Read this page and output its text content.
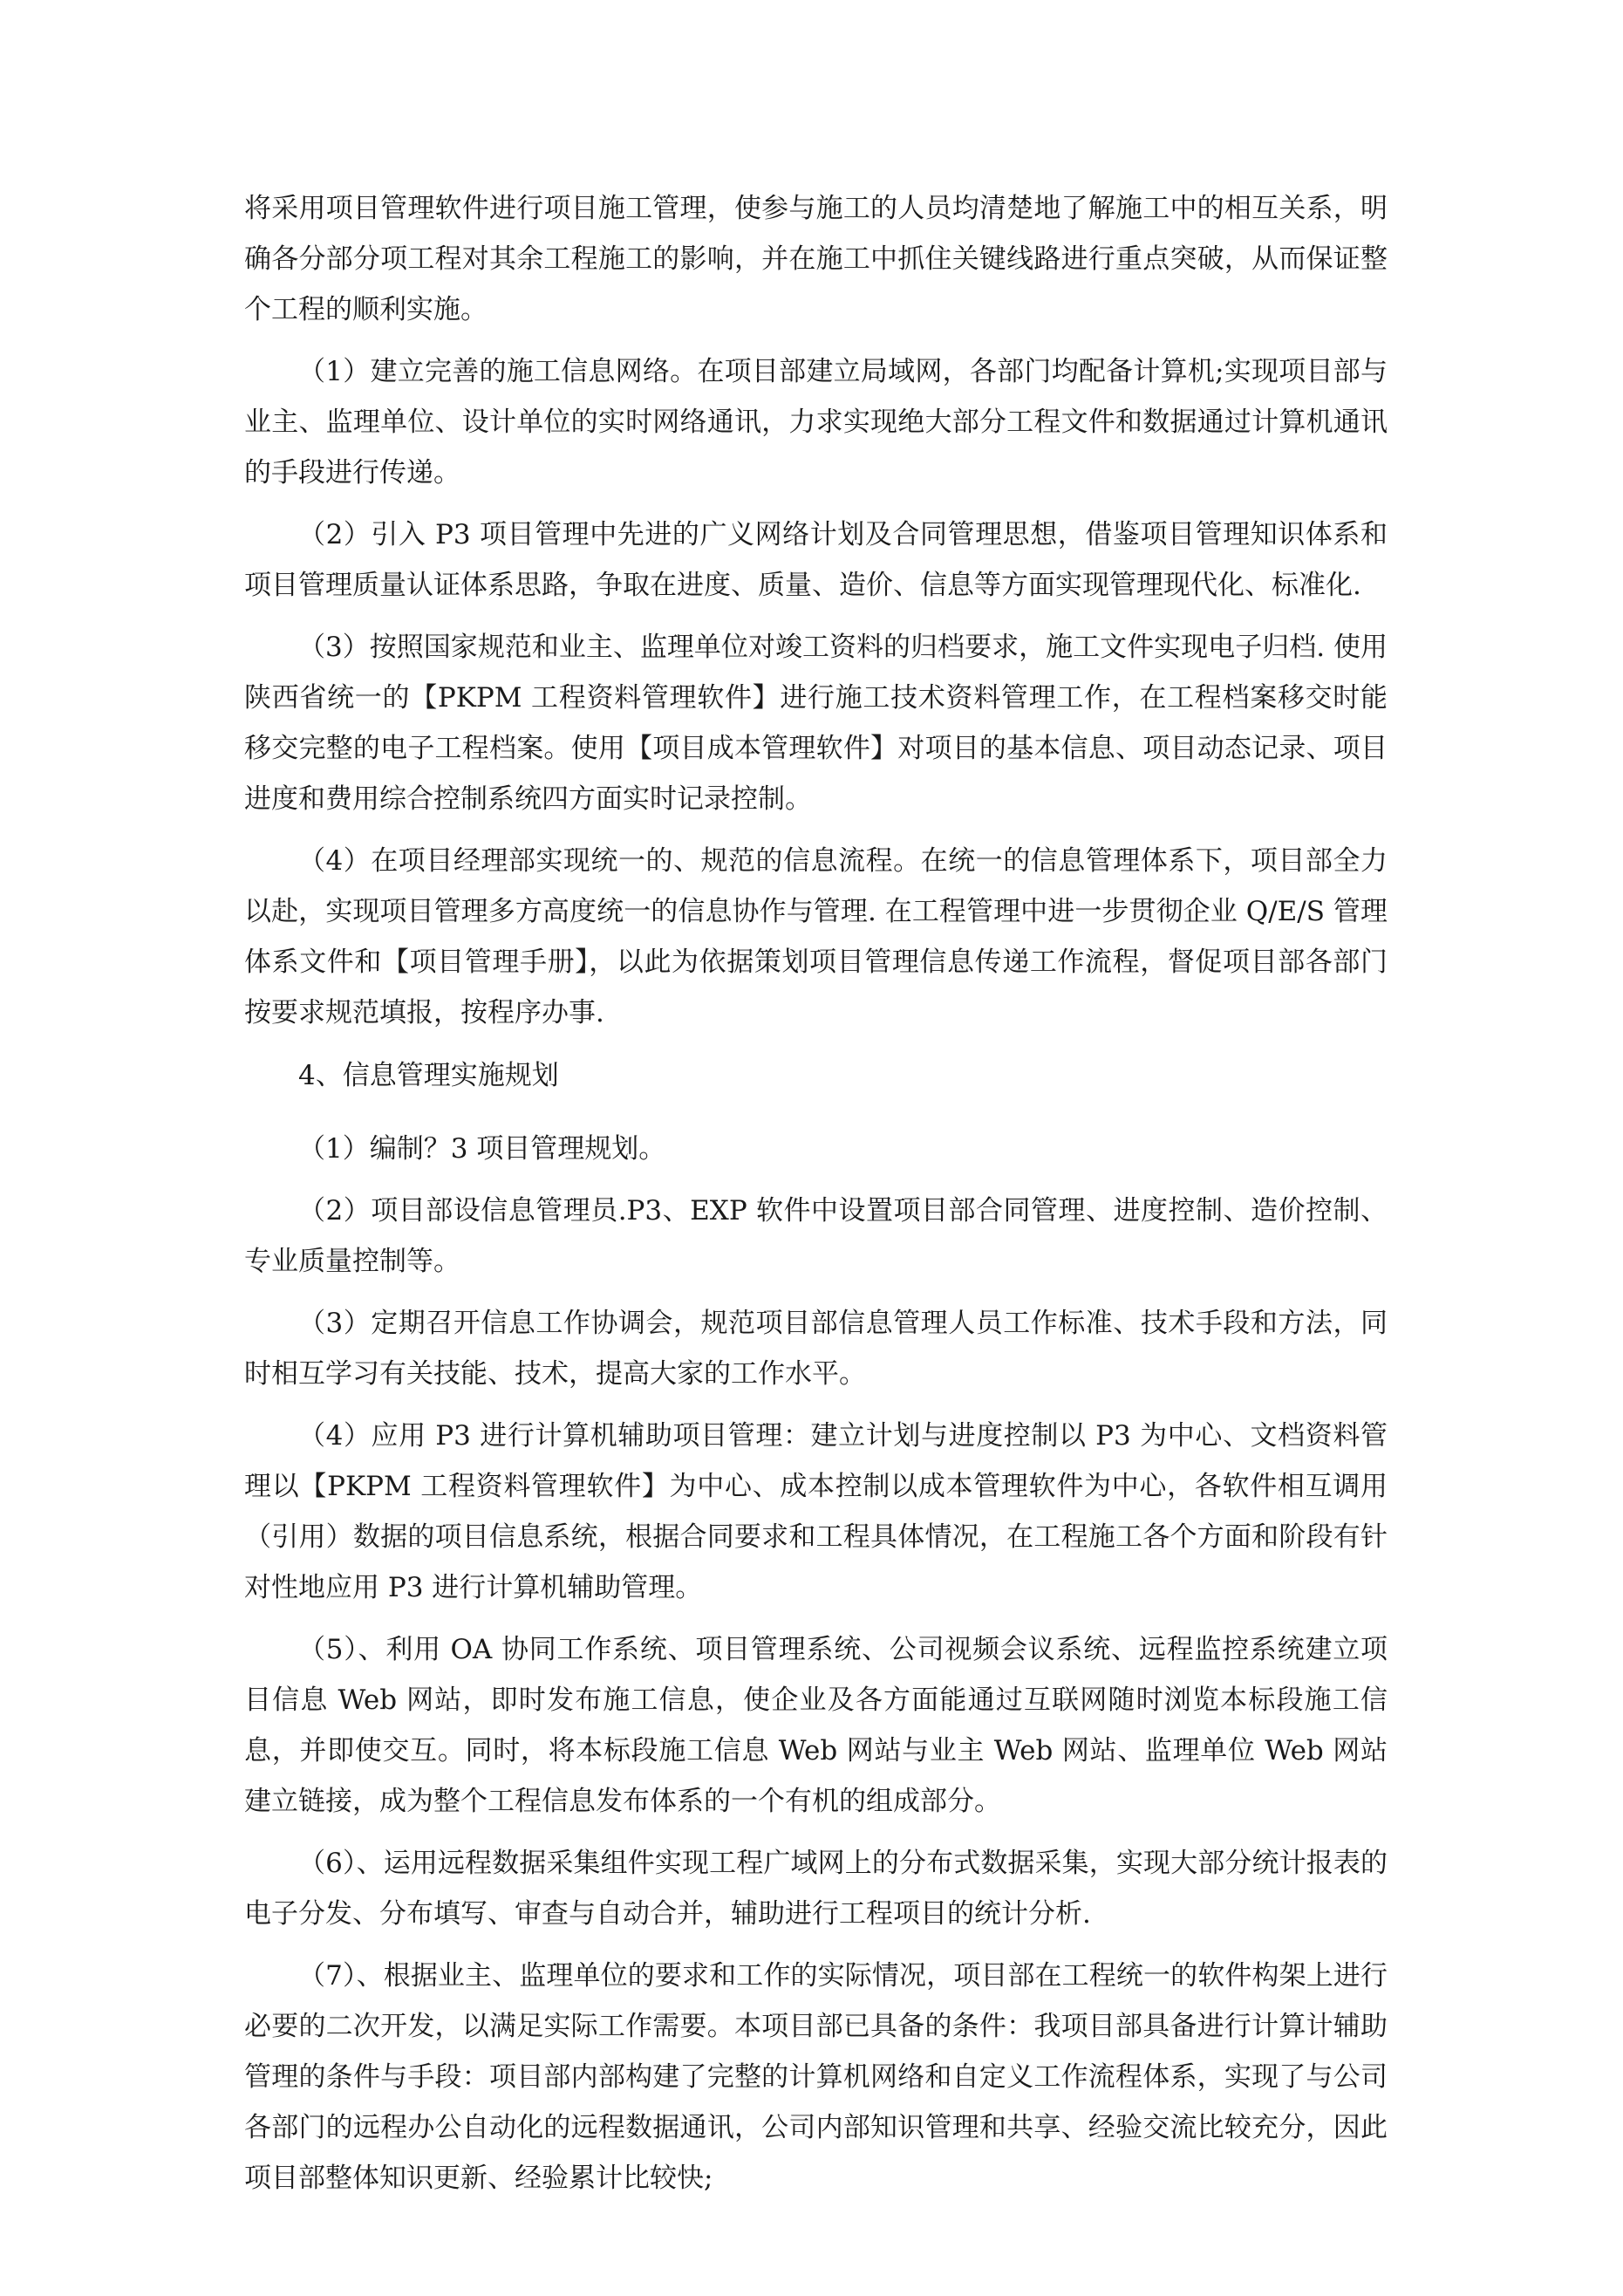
将采用项目管理软件进行项目施工管理，使参与施工的人员均清楚地了解施工中的相互关系，明确各分部分项工程对其余工程施工的影响，并在施工中抓住关键线路进行重点突破，从而保证整个工程的顺利实施。

（1）建立完善的施工信息网络。在项目部建立局域网，各部门均配备计算机;实现项目部与业主、监理单位、设计单位的实时网络通讯，力求实现绝大部分工程文件和数据通过计算机通讯的手段进行传递。

（2）引入 P3 项目管理中先进的广义网络计划及合同管理思想，借鉴项目管理知识体系和项目管理质量认证体系思路，争取在进度、质量、造价、信息等方面实现管理现代化、标准化.

（3）按照国家规范和业主、监理单位对竣工资料的归档要求，施工文件实现电子归档. 使用陕西省统一的【PKPM 工程资料管理软件】进行施工技术资料管理工作，在工程档案移交时能移交完整的电子工程档案。使用【项目成本管理软件】对项目的基本信息、项目动态记录、项目进度和费用综合控制系统四方面实时记录控制。

（4）在项目经理部实现统一的、规范的信息流程。在统一的信息管理体系下，项目部全力以赴，实现项目管理多方高度统一的信息协作与管理. 在工程管理中进一步贯彻企业 Q/E/S 管理体系文件和【项目管理手册】，以此为依据策划项目管理信息传递工作流程，督促项目部各部门按要求规范填报，按程序办事.

4、信息管理实施规划

（1）编制？3 项目管理规划。

（2）项目部设信息管理员.P3、EXP 软件中设置项目部合同管理、进度控制、造价控制、专业质量控制等。

（3）定期召开信息工作协调会，规范项目部信息管理人员工作标准、技术手段和方法，同时相互学习有关技能、技术，提高大家的工作水平。

（4）应用 P3 进行计算机辅助项目管理：建立计划与进度控制以 P3 为中心、文档资料管理以【PKPM 工程资料管理软件】为中心、成本控制以成本管理软件为中心，各软件相互调用（引用）数据的项目信息系统，根据合同要求和工程具体情况，在工程施工各个方面和阶段有针对性地应用 P3 进行计算机辅助管理。

（5）、利用 OA 协同工作系统、项目管理系统、公司视频会议系统、远程监控系统建立项目信息 Web 网站，即时发布施工信息，使企业及各方面能通过互联网随时浏览本标段施工信息，并即使交互。同时，将本标段施工信息 Web 网站与业主 Web 网站、监理单位 Web 网站建立链接，成为整个工程信息发布体系的一个有机的组成部分。

（6）、运用远程数据采集组件实现工程广域网上的分布式数据采集，实现大部分统计报表的电子分发、分布填写、审查与自动合并，辅助进行工程项目的统计分析.

（7）、根据业主、监理单位的要求和工作的实际情况，项目部在工程统一的软件构架上进行必要的二次开发，以满足实际工作需要。本项目部已具备的条件：我项目部具备进行计算计辅助管理的条件与手段：项目部内部构建了完整的计算机网络和自定义工作流程体系，实现了与公司各部门的远程办公自动化的远程数据通讯，公司内部知识管理和共享、经验交流比较充分，因此项目部整体知识更新、经验累计比较快;
